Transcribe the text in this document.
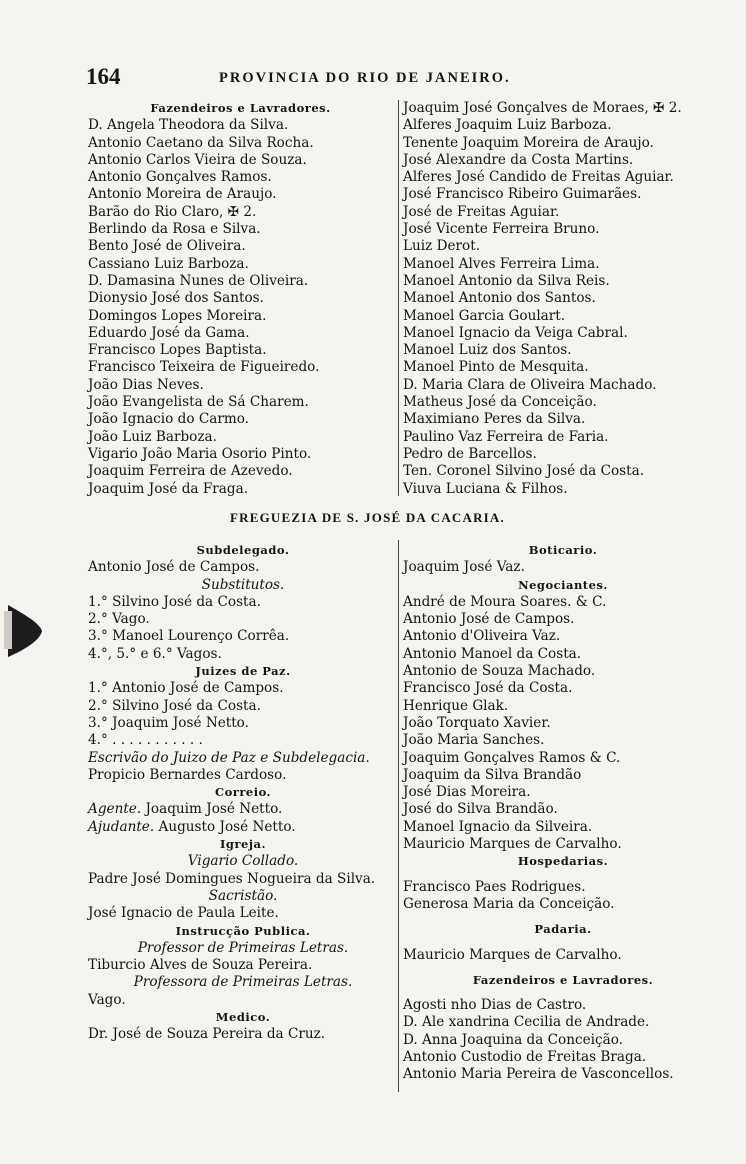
164	PROVINCIA DO RIO DE JANEIRO.
Fazendeiros e Lavradores.
D. Angela Theodora da Silva.
Antonio Caetano da Silva Rocha.
Antonio Carlos Vieira de Souza.
Antonio Gonçalves Ramos.
Antonio Moreira de Araujo.
Barão do Rio Claro, ✠ 2.
Berlindo da Rosa e Silva.
Bento José de Oliveira.
Cassiano Luiz Barboza.
D. Damasina Nunes de Oliveira.
Dionysio José dos Santos.
Domingos Lopes Moreira.
Eduardo José da Gama.
Francisco Lopes Baptista.
Francisco Teixeira de Figueiredo.
João Dias Neves.
João Evangelista de Sá Charem.
João Ignacio do Carmo.
João Luiz Barboza.
Vigario João Maria Osorio Pinto.
Joaquim Ferreira de Azevedo.
Joaquim José da Fraga.
Joaquim José Gonçalves de Moraes, ✠ 2.
Alferes Joaquim Luiz Barboza.
Tenente Joaquim Moreira de Araujo.
José Alexandre da Costa Martins.
Alferes José Candido de Freitas Aguiar.
José Francisco Ribeiro Guimarães.
José de Freitas Aguiar.
José Vicente Ferreira Bruno.
Luiz Derot.
Manoel Alves Ferreira Lima.
Manoel Antonio da Silva Reis.
Manoel Antonio dos Santos.
Manoel Garcia Goulart.
Manoel Ignacio da Veiga Cabral.
Manoel Luiz dos Santos.
Manoel Pinto de Mesquita.
D. Maria Clara de Oliveira Machado.
Matheus José da Conceição.
Maximiano Peres da Silva.
Paulino Vaz Ferreira de Faria.
Pedro de Barcellos.
Ten. Coronel Silvino José da Costa.
Viuva Luciana & Filhos.
FREGUEZIA DE S. JOSÉ DA CACARIA.
Subdelegado.
Antonio José de Campos.
Substitutos.
1.° Silvino José da Costa.
2.° Vago.
3.° Manoel Lourenço Corrêa.
4.°, 5.° e 6.° Vagos.
Juizes de Paz.
1.° Antonio José de Campos.
2.° Silvino José da Costa.
3.° Joaquim José Netto.
4.° . . . . . . . . . . .
Escrivão do Juizo de Paz e Subdelegacia.
Propicio Bernardes Cardoso.
Correio.
Agente. Joaquim José Netto.
Ajudante. Augusto José Netto.
Igreja.
Vigario Collado.
Padre José Domingues Nogueira da Silva.
Sacristão.
José Ignacio de Paula Leite.
Instrucção Publica.
Professor de Primeiras Letras.
Tiburcio Alves de Souza Pereira.
Professora de Primeiras Letras.
Vago.
Medico.
Dr. José de Souza Pereira da Cruz.
Boticario.
Joaquim José Vaz.
Negociantes.
André de Moura Soares. & C.
Antonio José de Campos.
Antonio d'Oliveira Vaz.
Antonio Manoel da Costa.
Antonio de Souza Machado.
Francisco José da Costa.
Henrique Glak.
João Torquato Xavier.
João Maria Sanches.
Joaquim Gonçalves Ramos & C.
Joaquim da Silva Brandão
José Dias Moreira.
José do Silva Brandão.
Manoel Ignacio da Silveira.
Mauricio Marques de Carvalho.
Hospedarias.
Francisco Paes Rodrigues.
Generosa Maria da Conceição.
Padaria.
Mauricio Marques de Carvalho.
Fazendeiros e Lavradores.
Agosti nho Dias de Castro.
D. Ale xandrina Cecilia de Andrade.
D. Anna Joaquina da Conceição.
Antonio Custodio de Freitas Braga.
Antonio Maria Pereira de Vasconcellos.
